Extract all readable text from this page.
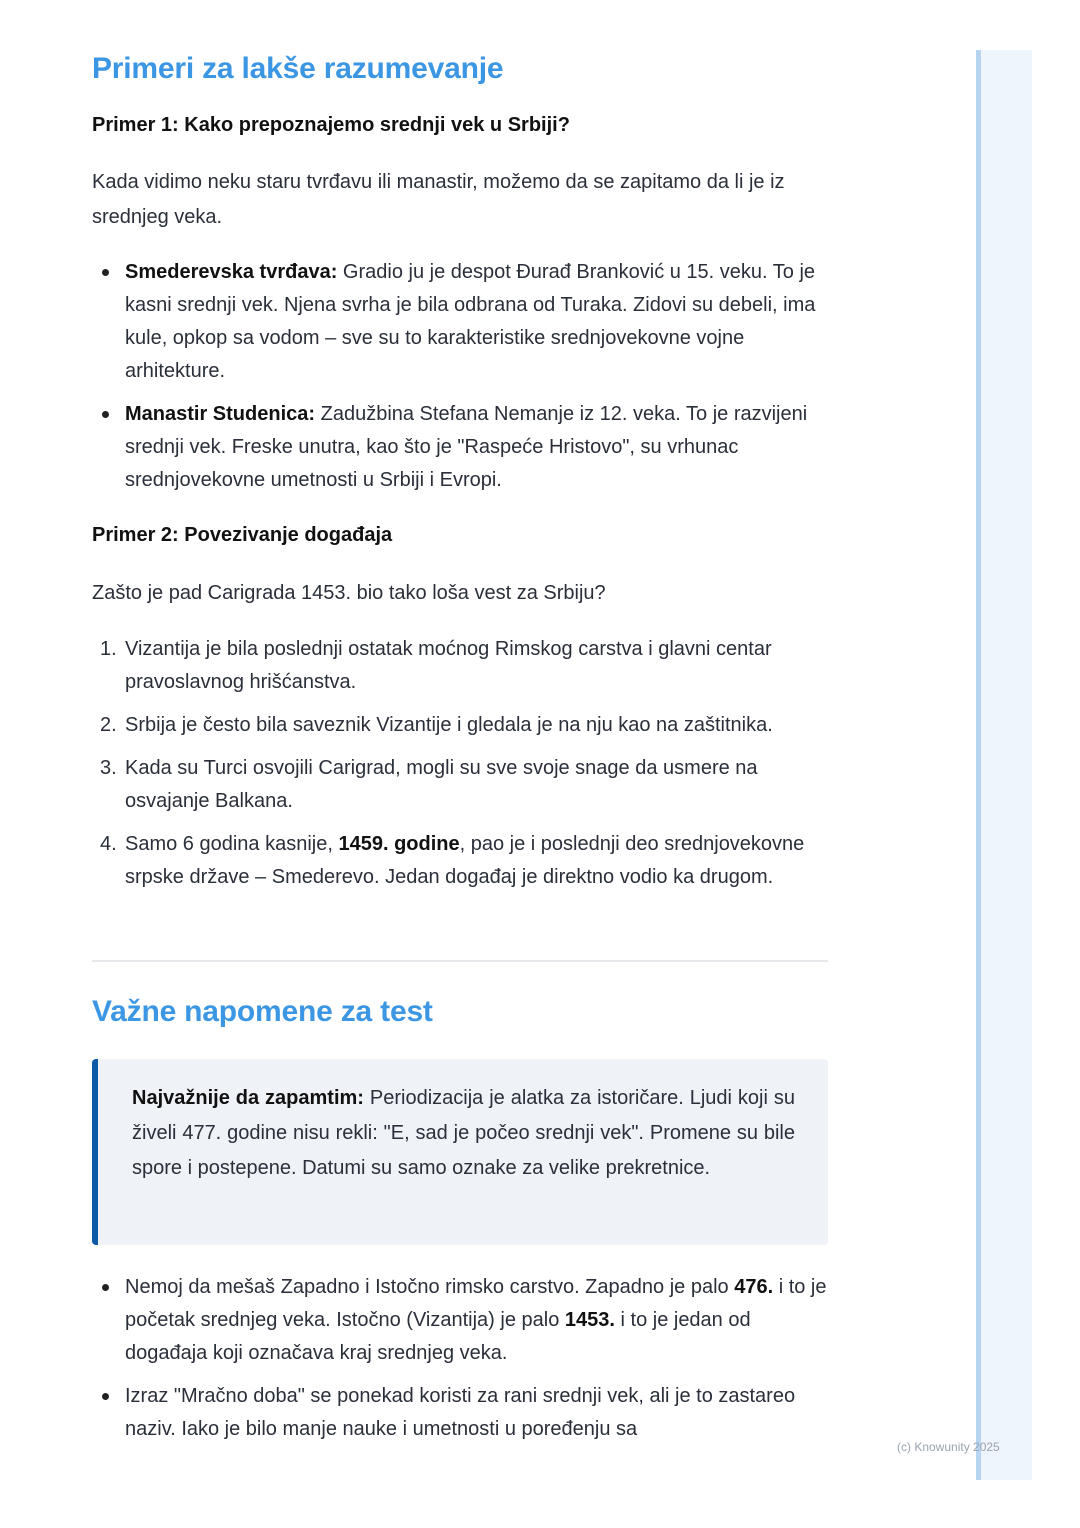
Primeri za lakše razumevanje

Primer 1: Kako prepoznajemo srednji vek u Srbiji?

Kada vidimo neku staru tvrđavu ili manastir, možemo da se zapitamo da li je iz srednjeg veka.

Smederevska tvrđava: Gradio ju je despot Đurađ Branković u 15. veku. To je kasni srednji vek. Njena svrha je bila odbrana od Turaka. Zidovi su debeli, ima kule, opkop sa vodom – sve su to karakteristike srednjovekovne vojne arhitekture.
Manastir Studenica: Zadužbina Stefana Nemanje iz 12. veka. To je razvijeni srednji vek. Freske unutra, kao što je "Raspeće Hristovo", su vrhunac srednjovekovne umetnosti u Srbiji i Evropi.

Primer 2: Povezivanje događaja

Zašto je pad Carigrada 1453. bio tako loša vest za Srbiju?

1. Vizantija je bila poslednji ostatak moćnog Rimskog carstva i glavni centar pravoslavnog hrišćanstva.
2. Srbija je često bila saveznik Vizantije i gledala je na nju kao na zaštitnika.
3. Kada su Turci osvojili Carigrad, mogli su sve svoje snage da usmere na osvajanje Balkana.
4. Samo 6 godina kasnije, 1459. godine, pao je i poslednji deo srednjovekovne srpske države – Smederevo. Jedan događaj je direktno vodio ka drugom.
Važne napomene za test

Najvažnije da zapamtim: Periodizacija je alatka za istoričare. Ljudi koji su živeli 477. godine nisu rekli: "E, sad je počeo srednji vek". Promene su bile spore i postepene. Datumi su samo oznake za velike prekretnice.

Nemoj da mešaš Zapadno i Istočno rimsko carstvo. Zapadno je palo 476. i to je početak srednjeg veka. Istočno (Vizantija) je palo 1453. i to je jedan od događaja koji označava kraj srednjeg veka.
Izraz "Mračno doba" se ponekad koristi za rani srednji vek, ali je to zastareo naziv. Iako je bilo manje nauke i umetnosti u poređenju sa
(c) Knowunity 2025
